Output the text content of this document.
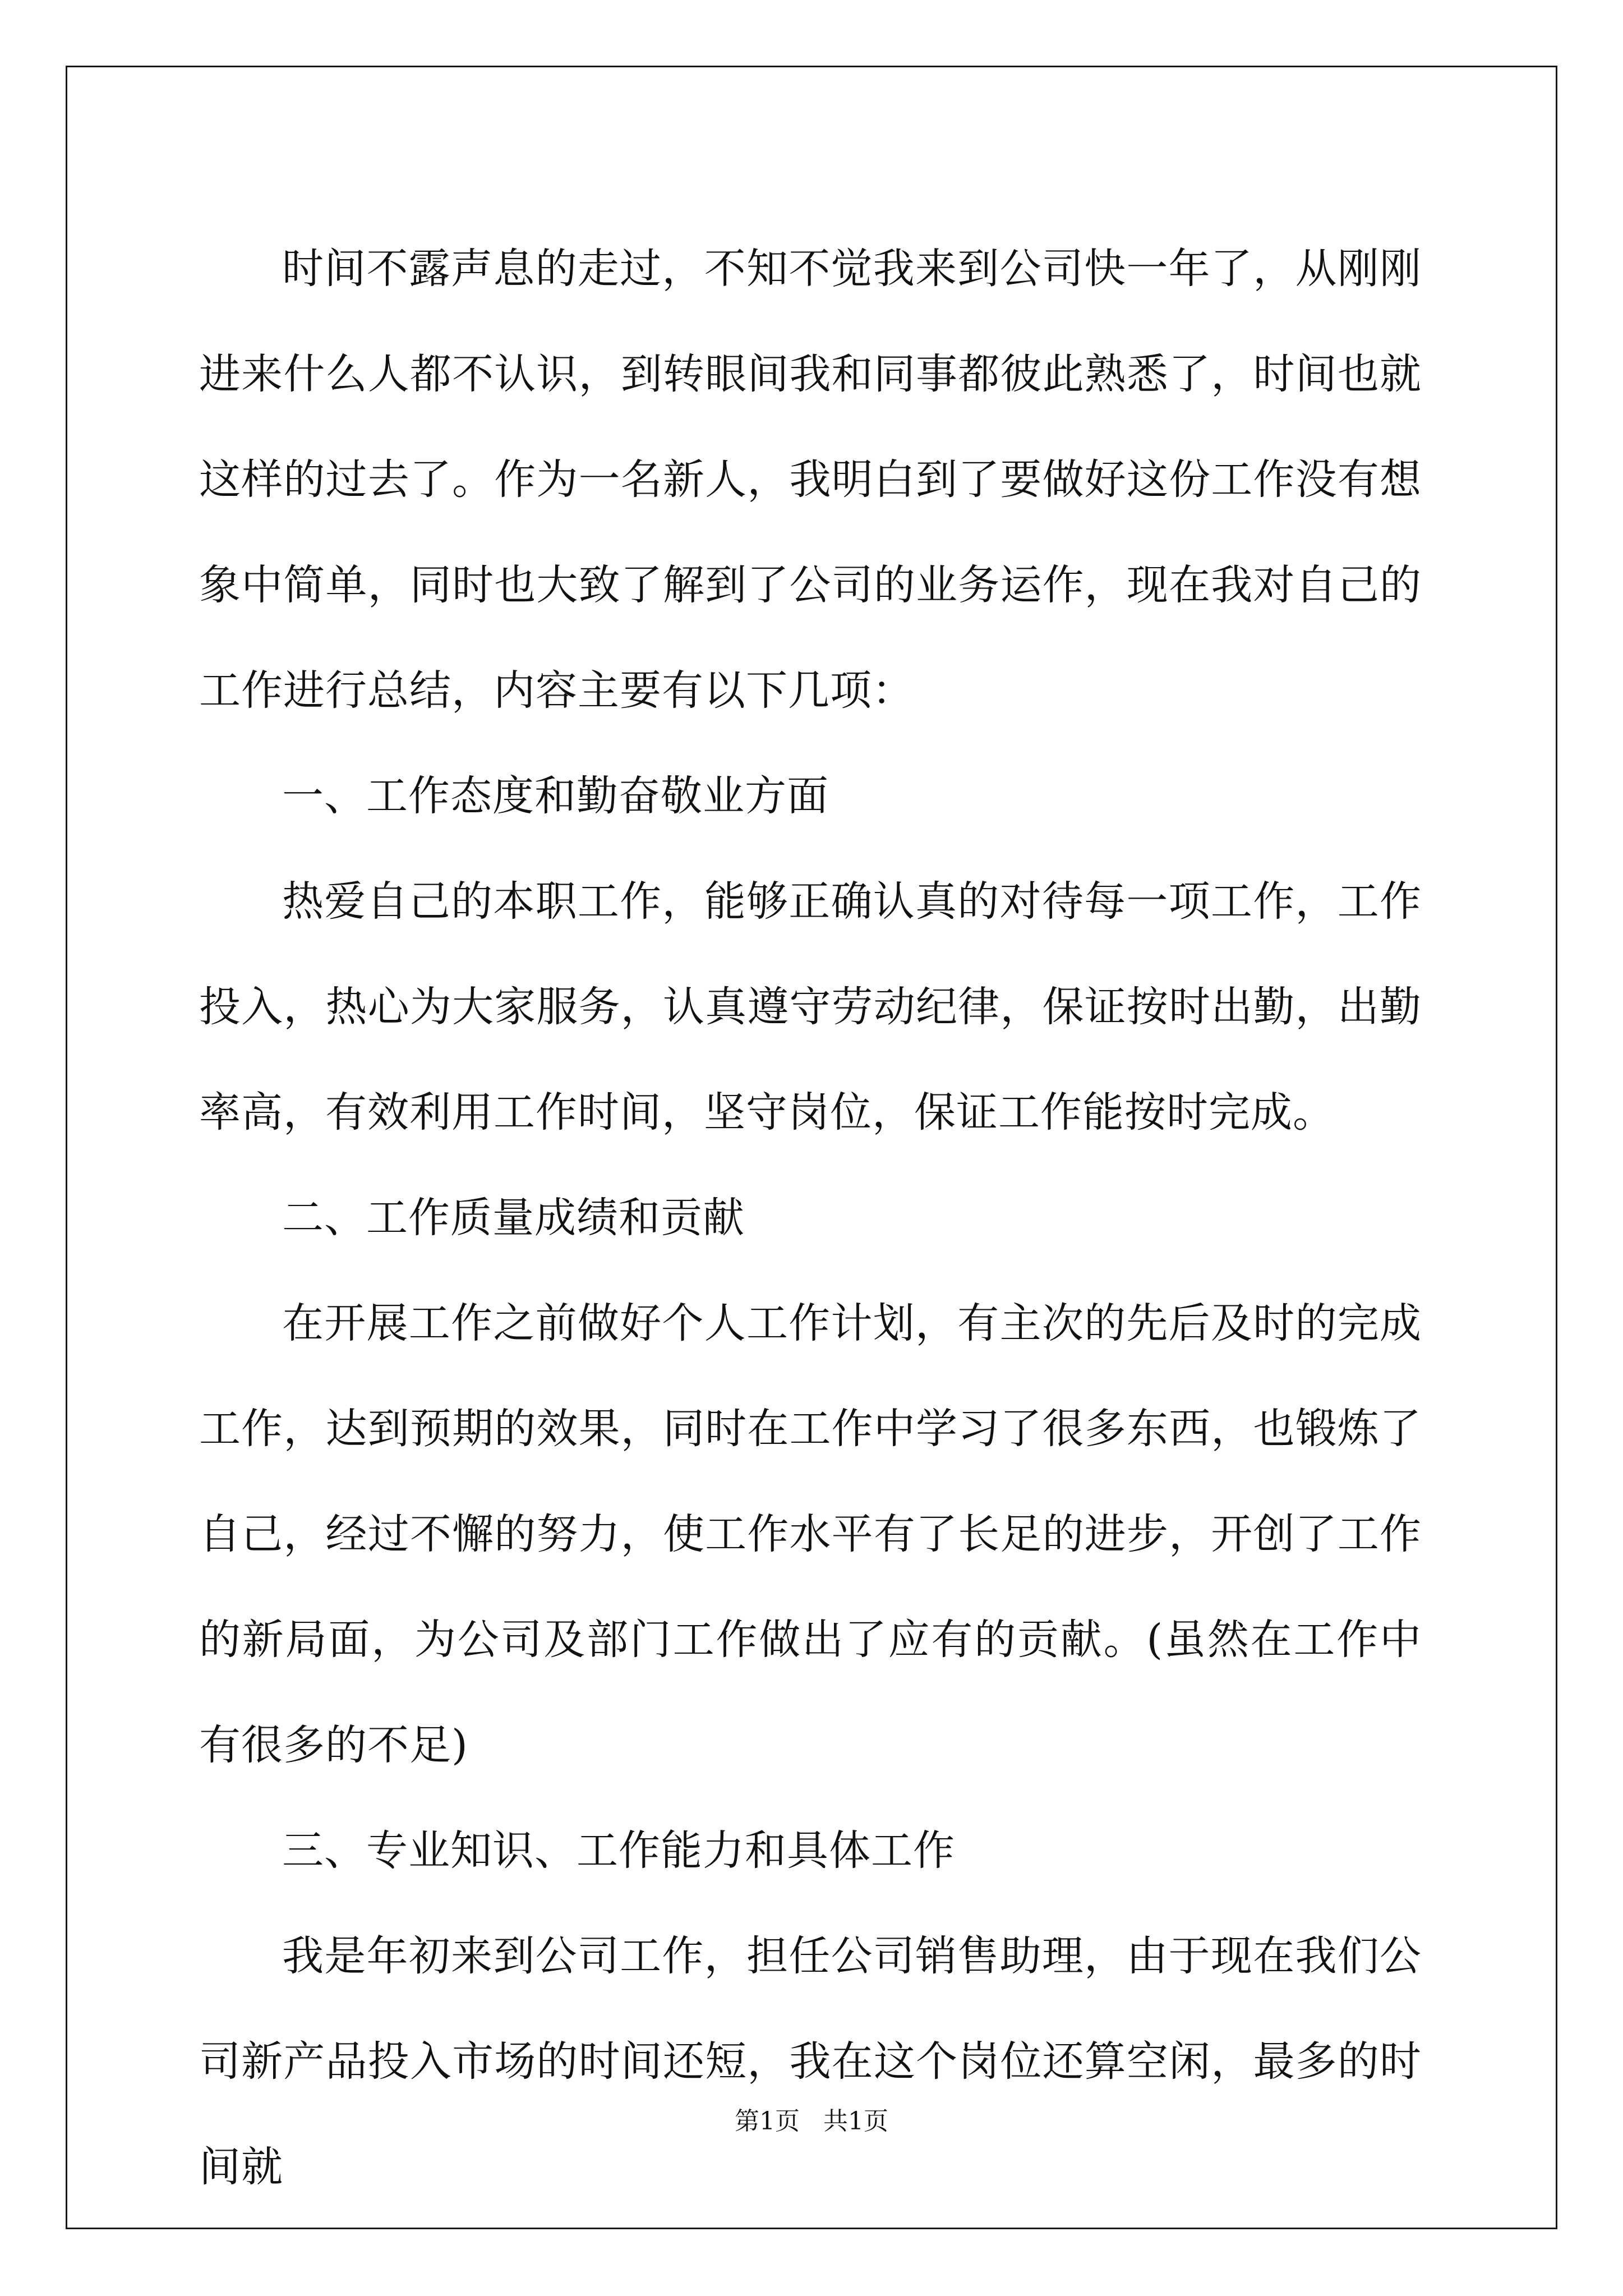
时间不露声息的走过，不知不觉我来到公司快一年了，从刚刚进来什么人都不认识，到转眼间我和同事都彼此熟悉了，时间也就这样的过去了。作为一名新人，我明白到了要做好这份工作没有想象中简单，同时也大致了解到了公司的业务运作，现在我对自己的工作进行总结，内容主要有以下几项：

一、工作态度和勤奋敬业方面

热爱自己的本职工作，能够正确认真的对待每一项工作，工作投入，热心为大家服务，认真遵守劳动纪律，保证按时出勤，出勤率高，有效利用工作时间，坚守岗位，保证工作能按时完成。

二、工作质量成绩和贡献

在开展工作之前做好个人工作计划，有主次的先后及时的完成工作，达到预期的效果，同时在工作中学习了很多东西，也锻炼了自己，经过不懈的努力，使工作水平有了长足的进步，开创了工作的新局面，为公司及部门工作做出了应有的贡献。(虽然在工作中有很多的不足)

三、专业知识、工作能力和具体工作

我是年初来到公司工作，担任公司销售助理，由于现在我们公司新产品投入市场的时间还短，我在这个岗位还算空闲，最多的时间就

第1页   共1页
